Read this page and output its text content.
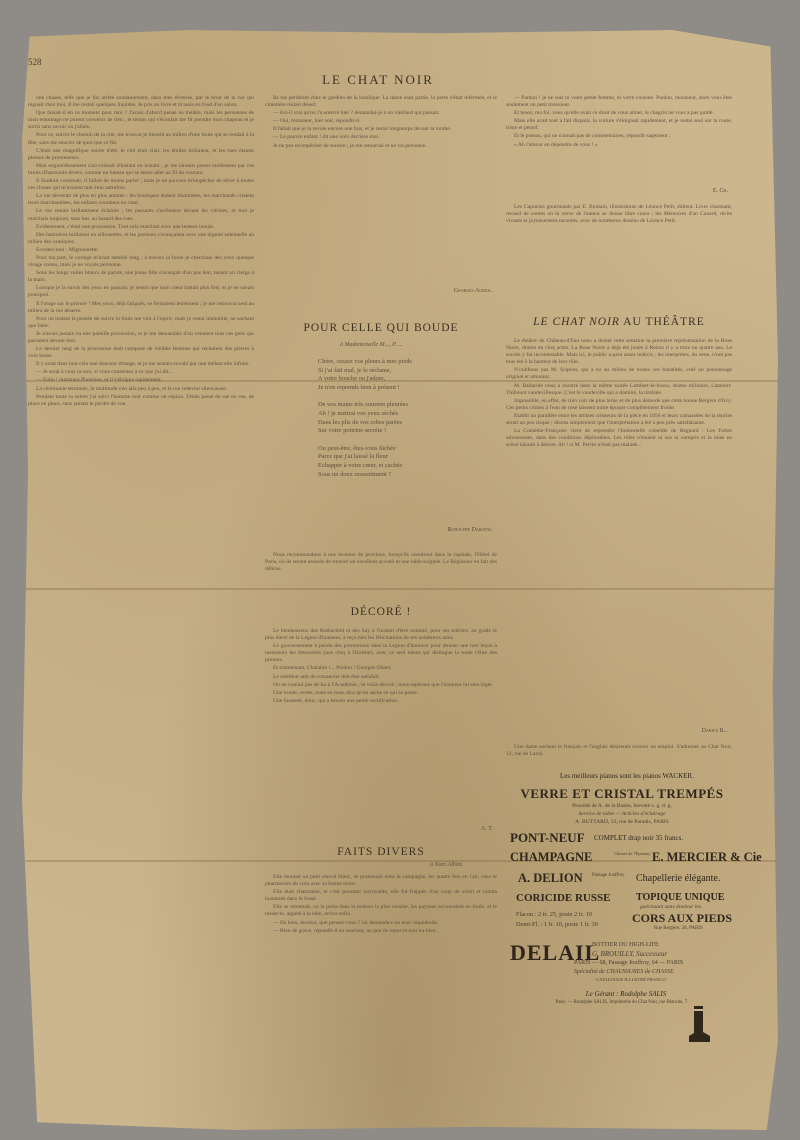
528
LE CHAT NOIR

une chasse, telle que je fus arrêté soudainement, dans mes rêveries, par le bruit de la rue qui régnait chez moi. Il me restait quelques liquides. Je pris un livre et m'assis en fond d'un salon.

Que faisait-il en ce moment pour moi ? J'avais d'abord pensé au théâtre, mais les personnes de mon entourage ne purent convenir de rien ; le temps qui s'écoulait me fit prendre mon chapeau et je sortis sans savoir où j'allais.

Pour ce, suivre le chemin de la cité, me trouvai-je bientôt au milieu d'une foule qui se rendait à la fête, sans me soucier de quoi que ce fût.

C'était une magnifique soirée d'été, le ciel était clair, les étoiles brillaient, et les rues étaient pleines de promeneurs.

Mon engourdissement s'accroissait d'instant en instant ; je me laissais porter mollement par ces bruits d'harmonie divers, comme un bateau qui se laisse aller au fil du courant.

Il faudrait continuer, il fallait de moins parler ; mais je ne pouvais m'empêcher de rêver à toutes ces choses qui m'avaient tant ému autrefois.

La rue devenait de plus en plus animée ; les boutiques étaient illuminées, les marchands criaient leurs marchandises, les enfants couraient en riant.

Le rue restait brillamment éclairée ; les passants s'arrêtaient devant les vitrines, et moi je marchais toujours, sans but, au hasard des rues.

Evidemment, c'était une procession. Tout cela marchait avec une lenteur inouïe.

Des bannières brillaient en silhouettes, et les porteurs s'avançaient avec une dignité solennelle au milieu des cantiques.

Ecoutez-moi : Mignonnette.

Pour ma part, le cortège m'avait semblé long ; à travers la foule je cherchais des yeux quelque visage connu, mais je ne voyais personne.

Sous les longs voiles blancs de parure, une jeune fille s'avançait d'un pas lent, tenant un cierge à la main.

Lorsque je la suivis des yeux en passant, je sentis que mon cœur battait plus fort, et je ne savais pourquoi.

Il l'orage sur le prieuré ! Mes yeux, déjà fatigués, se fermaient lentement ; je me retrouvai seul au milieu de la rue déserte.

Pour un instant la pensée de suivre la foule me vint à l'esprit, mais je restai immobile, ne sachant que faire.

Je n'avais jamais vu une pareille procession, et je me demandais d'où venaient tous ces gens qui passaient devant moi.

Le dernier rang de la procession était composé de vieilles femmes qui récitaient des prières à voix basse.

Il y avait dans tout cela une douceur étrange, et je me sentais envahi par une mélancolie infinie.

— Je serai à vous ce soir, si vous consentez à ce que j'ai dit...

— Folie ! murmura Phonsine, et il s'éloigna rapidement.

La cérémonie terminée, la multitude s'en alla peu à peu, et la rue redevint silencieuse.

Pendant toute la soirée j'ai suivi l'homme noir comme un espion. J'étais passé de rue en rue, de place en place, sans jamais le perdre de vue.

Ils me perdirent chez le gardien de la basilique. La dame était partie, la porte s'était refermée, et le cimetière restait désert.

— Est-il vrai qu'on l'a enterré hier ? demandai-je à un vieillard qui passait.

— Oui, monsieur, hier soir, répondit-il.

Il fallait que je la revoie encore une fois, et je restai longtemps devant la tombe.

— Le pauvre enfant ! dit une voix derrière moi.

Je ne pus m'empêcher de sourire ; je me retournai et ne vis personne.

Georges Auriol.
POUR CELLE QUI BOUDE
à Mademoiselle M..., P.....
Chère, cessez vos pleurs à mes pieds
Si j'ai fait mal, je le réclame,
A votre bouche ou j'adore,
Je n'en reprends bien à présent !
De vos mains très souvent pleurées
Ah ! je mettrai vos yeux séchés
Dans les plis de vos robes parées
Sur votre poitrine secrète !
Ou peut-être, êtes-vous fâchée
Parce que j'ai laissé la fleur
Echapper à votre cœur, et cachée
Sous un doux ressentiment ?
Rodolphe Darzens.

Nous recommandons à nos lecteurs de province, lorsqu'ils viendront dans la capitale, l'Hôtel de Paris, où ils seront assurés de trouver un excellent accueil et une table soignée. Le Régisseur en fait des délices.

DÉCORÉ !

Le bienheureux des Rothschild et des Say à l'instant d'être nommé, pour ses mérites, au grade le plus élevé de la Légion d'honneur, a reçu hier les félicitations de ses nombreux amis.

Le gouvernement à pendu des promotions dans la Légion d'honneur pour donner une rare leçon à messieurs les Immortels (nos cinq à l'Institut), avec ce seul talent qui distingue la toute l'élite des promus.

Et maintenant, Chalabre !... Pardon ! Georges Ohnet.

Le meilleur ami du romancier doit être satisfait.

On ne voulait pas de lui à l'Académie ; le voilà décoré ; nous espérons que l'honneur lui sera léger.

Une ironie, certes, mais en nous dira qu'on sache ce qui se passe.

Une fausseté, donc, qui a besoin une petite rectification.

A. T.
FAITS DIVERS
à Nani Albini.

Elle montait un petit cheval blanc, se promenait dans la campagne, les quatre fers en l'air, chez le pharmacien du coin avec sa bonne noire.

Elle était charmante, et c'est pourtant incroyable, elle fut frappée d'un coup de soleil et tomba inanimée dans le fossé.

Elle se remettait, on la porta dans la maison la plus voisine, les paysans accouraient en foule, et le médecin, appelé à la hâte, arriva enfin.

— Eh bien, docteur, que pensez-vous ? lui demanda-t-on avec inquiétude.

— Rien de grave, répondit-il en souriant, un peu de repos et tout ira bien.

— Pardon ! je ne suis ni votre petite femme, ni votre cousine. Pardon, monsieur, alors vous êtes seulement un petit monsieur.

Et tenez, ma foi, vous qu'elle avait ce droit de vous aimer, le chagrin ne vous a pas quitté.

Mais elle avait tout à fait disparu, la voiture s'éloignait rapidement, et je restai seul sur la route, triste et pensif.

Et le poteau, qui ne connaît pas de commentaires, répondit sagement :

« Ah l'amour en dépendra de vous ! »

E. Gr.

Les Capucins gourmands par E. Boutain, illustrations de Léonce Petit, éditeur. Livre charmant, recueil de contes où la verve de l'auteur se donne libre cours ; les Mémoires d'un Canard, récits vivants et joyeusement racontés, avec de nombreux dessins de Léonce Petit.

LE CHAT NOIR AU THÉÂTRE

Le théâtre du Château-d'Eau nous a donné cette semaine la première représentation de la Rose Noire, drame en cinq actes. La Rose Noire a déjà été jouée à Reims il y a trois ou quatre ans. Le succès y fut incontestable. Mais ici, le public a paru assez indécis ; les interprètes, du reste, n'ont pas tous été à la hauteur de leur rôle.

N'oublions pas M. Scipion, qui a eu au milieu de toutes ces banalités, créé un personnage original et amusant.

M. Ballaride nous a montré dans la même soirée Lambert-le-bossu, drame militaire, Lambert-Thibouot vaudevillesque. C'est le vaudeville qui a dominé, la timbale.

Impossible, en effet, de rien voir de plus terne et de plus démodé que cette bonne Bergère d'Ivry. Ces petits crimes à l'eau de rose laissent notre époque complètement froide.

Etablir un parallèle entre les artistes créateurs de la pièce en 1856 et leurs camarades de la reprise serait un peu risqué ; disons simplement que l'interprétation a été à peu près satisfaisante.

La Comédie-Française vient de reprendre l'immortelle comédie de Regnard : Les Folies amoureuses, dans des conditions déplorables. Les rôles n'étaient ni sus ni compris et la mise en scène laissait à désirer. Ah ! si M. Perrin n'était pas malade...

Darius B...

Une dame sachant le français et l'anglais désirerait trouver un emploi. S'adresser au Chat Noir, 12, rue de Laval.

Les meilleurs pianos sont les pianos WACKER.
VERRE ET CRISTAL TREMPÉS
Procédé de A. de la Bastie, breveté s. g. d. g.
Service de table — Articles d'éclairage
A. BUTTARD, 12, rue de Paradis, PARIS
PONT-NEUF COMPLET drap noir 35 francs.
CHAMPAGNE	Chouet de l'Épernay E. MERCIER & Cie
A. DELION Passage Jouffroy Chapellerie élégante.
CORICIDE RUSSE	TOPIQUE UNIQUE
guérissant sans douleur les
Flacon : 2 fr. 25, poste 2 fr. 10
Demi-Fl. : 1 fr. 10, poste 1 fr. 30	CORS AUX PIEDS
Rue Bergère, 26, PARIS
DELAIL
BOTTIER DU HIGH-LIFE
G. BROUILLY, Successeur
PARIS — 68, Passage Jouffroy, 64 — PARIS
Spécialité de CHAUSSURES de CHASSE
CATALOGUE ILLUSTRÉ FRANCO
Le Gérant : Rodolphe SALIS
Paris. — Rodolphe SALIS, Imprimerie du Chat Noir, rue Blanche, 7.
